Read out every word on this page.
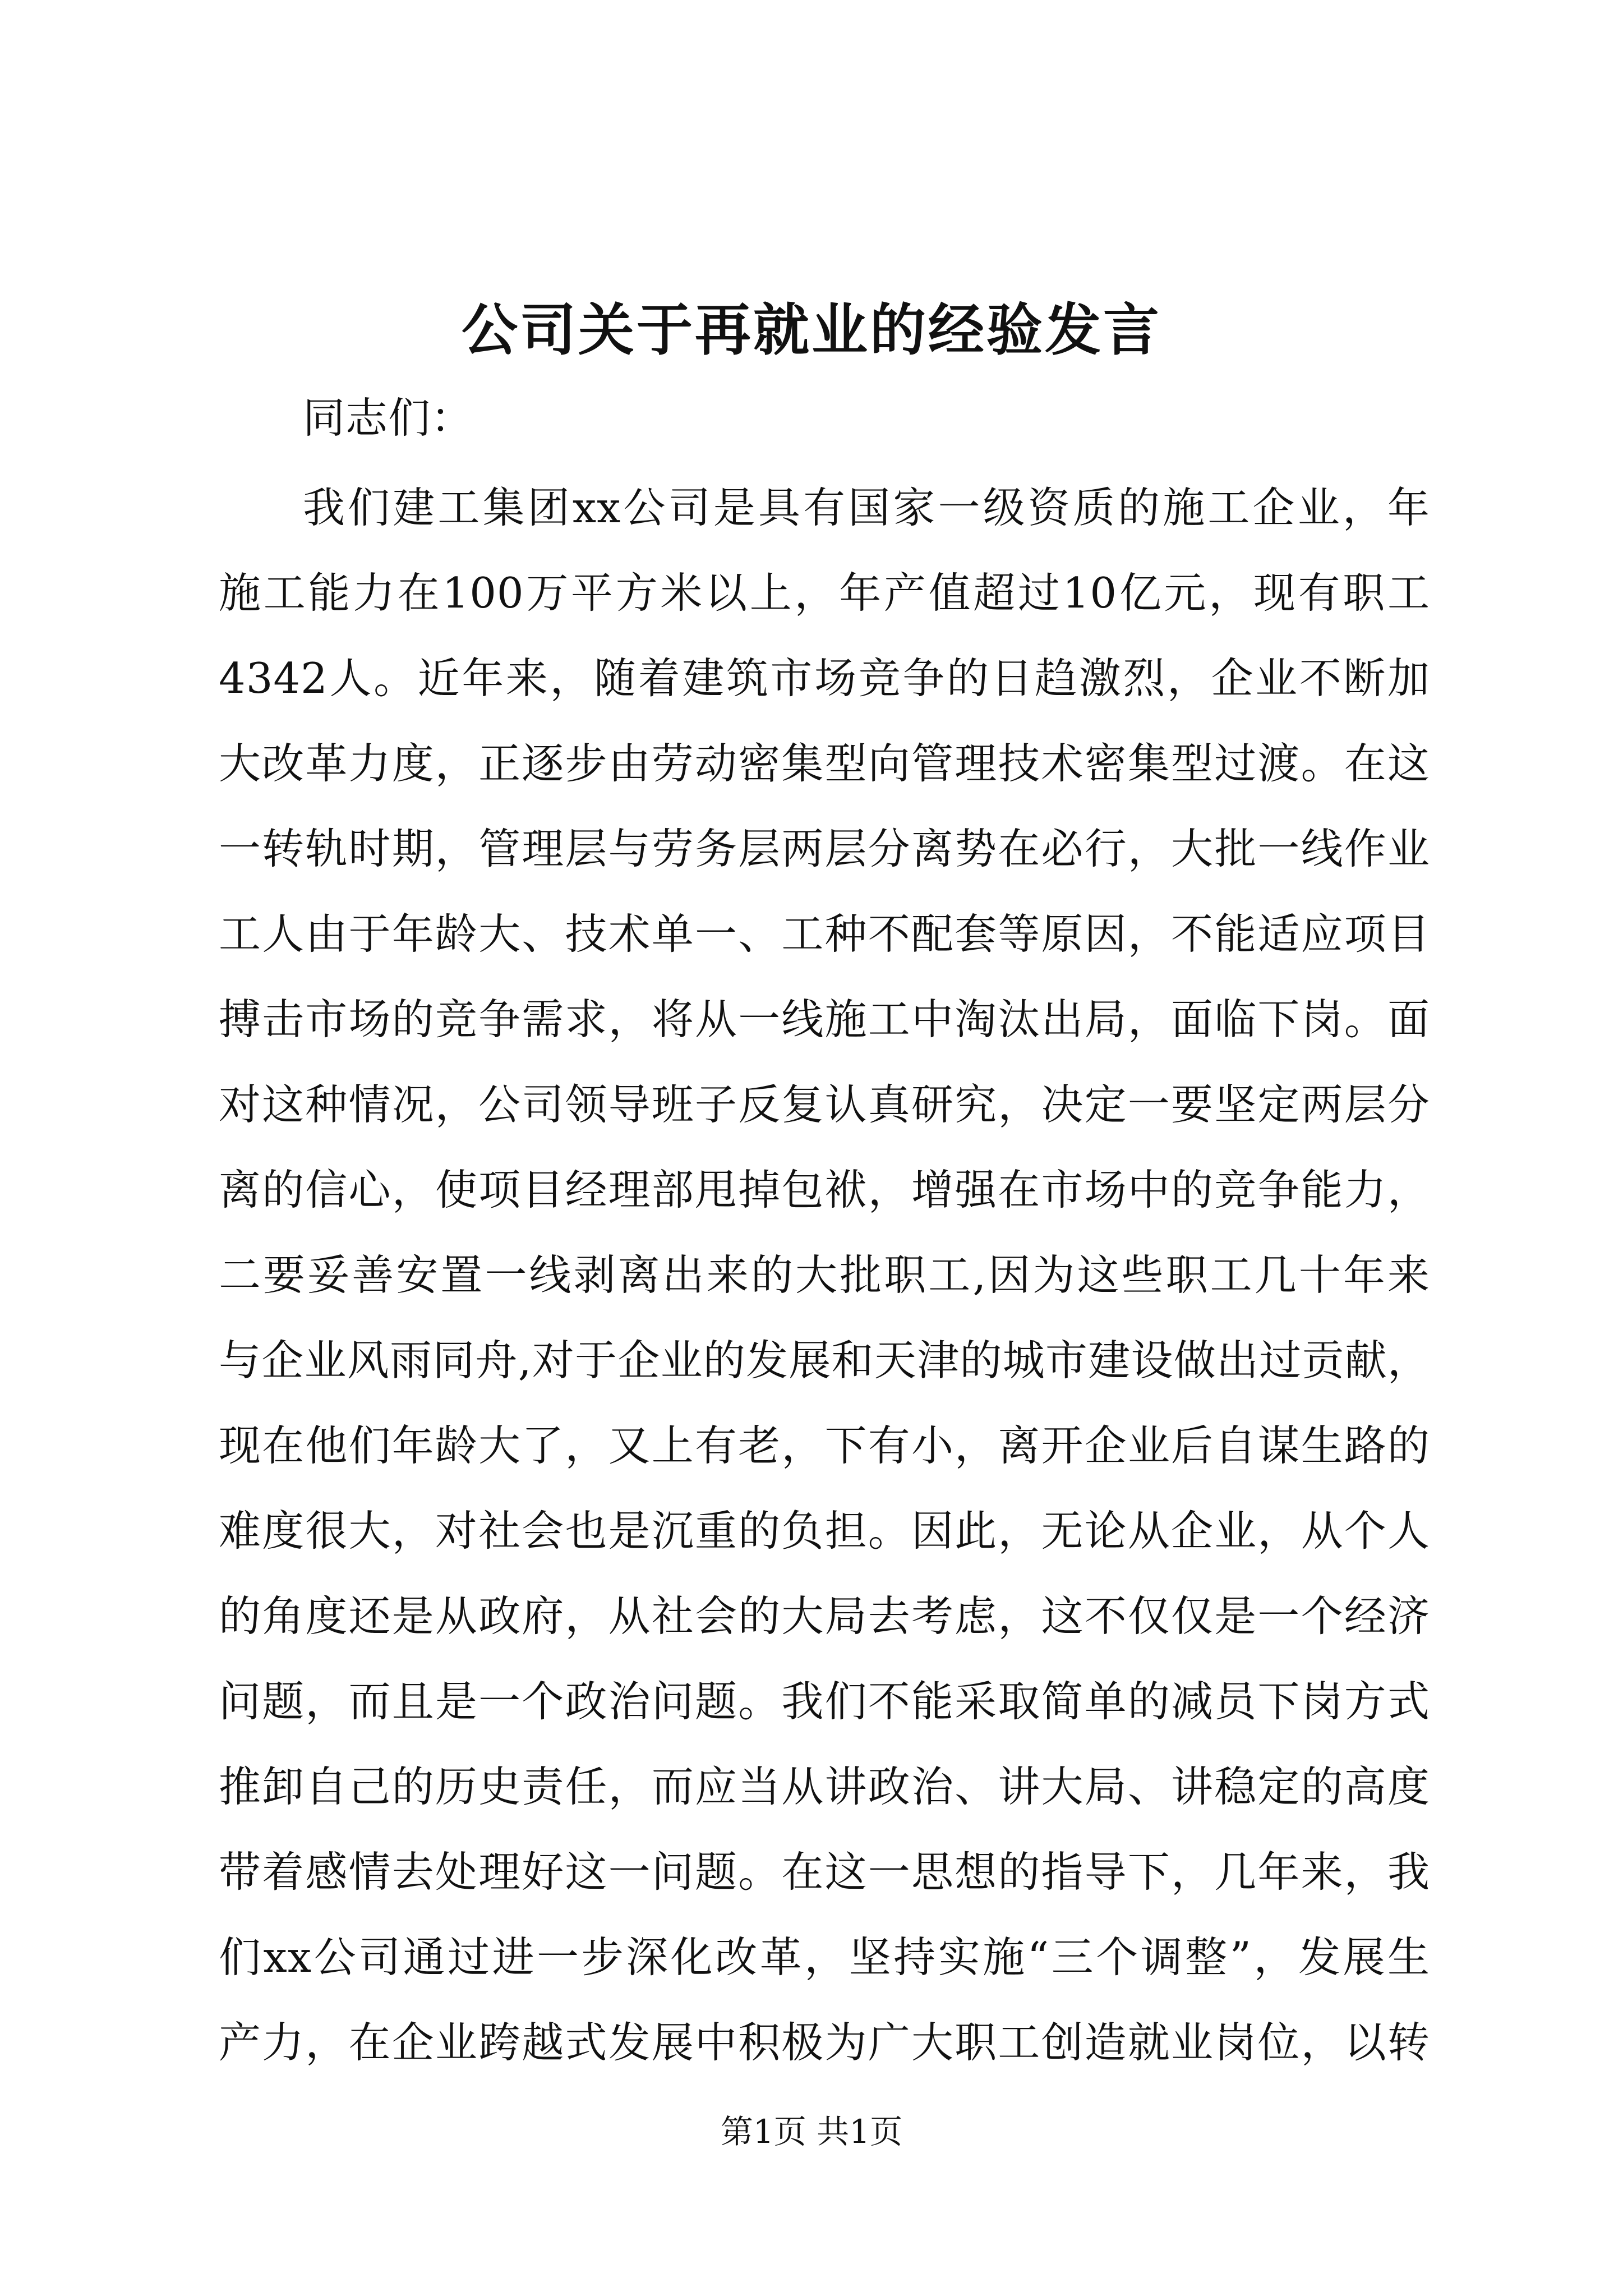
公司关于再就业的经验发言
同志们：
我们建工集团xx公司是具有国家一级资质的施工企业，年
施工能力在100万平方米以上，年产值超过10亿元，现有职工
4342人。近年来，随着建筑市场竞争的日趋激烈，企业不断加
大改革力度，正逐步由劳动密集型向管理技术密集型过渡。在这
一转轨时期，管理层与劳务层两层分离势在必行，大批一线作业
工人由于年龄大、技术单一、工种不配套等原因，不能适应项目
搏击市场的竞争需求，将从一线施工中淘汰出局，面临下岗。面
对这种情况，公司领导班子反复认真研究，决定一要坚定两层分
离的信心，使项目经理部甩掉包袱，增强在市场中的竞争能力，
二要妥善安置一线剥离出来的大批职工,因为这些职工几十年来
与企业风雨同舟,对于企业的发展和天津的城市建设做出过贡献，
现在他们年龄大了，又上有老，下有小，离开企业后自谋生路的
难度很大，对社会也是沉重的负担。因此，无论从企业，从个人
的角度还是从政府，从社会的大局去考虑，这不仅仅是一个经济
问题，而且是一个政治问题。我们不能采取简单的减员下岗方式
推卸自己的历史责任，而应当从讲政治、讲大局、讲稳定的高度
带着感情去处理好这一问题。在这一思想的指导下，几年来，我
们xx公司通过进一步深化改革，坚持实施“三个调整”，发展生
产力，在企业跨越式发展中积极为广大职工创造就业岗位，以转
第1页 共1页
